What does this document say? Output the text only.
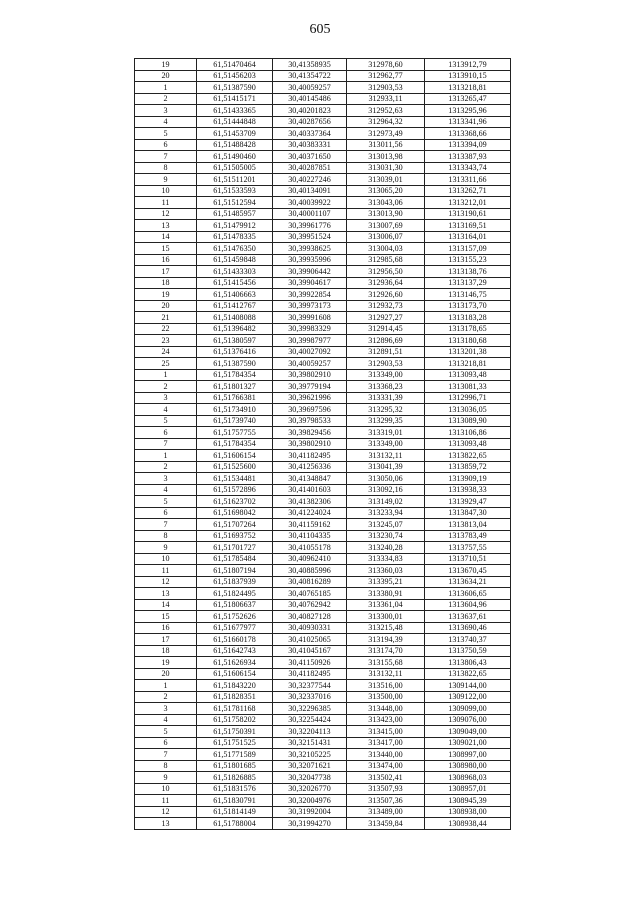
605
19	61,51470464	30,41358935	312978,60	1313912,79
20	61,51456203	30,41354722	312962,77	1313910,15
1	61,51387590	30,40059257	312903,53	1313218,81
2	61,51415171	30,40145486	312933,11	1313265,47
3	61,51433365	30,40201823	312952,63	1313295,96
4	61,51444848	30,40287656	312964,32	1313341,96
5	61,51453709	30,40337364	312973,49	1313368,66
6	61,51488428	30,40383331	313011,56	1313394,09
7	61,51490460	30,40371650	313013,98	1313387,93
8	61,51505005	30,40287851	313031,30	1313343,74
9	61,51511201	30,40227246	313039,01	1313311,66
10	61,51533593	30,40134091	313065,20	1313262,71
11	61,51512594	30,40039922	313043,06	1313212,01
12	61,51485957	30,40001107	313013,90	1313190,61
13	61,51479912	30,39961776	313007,69	1313169,51
14	61,51478335	30,39951524	313006,07	1313164,01
15	61,51476350	30,39938625	313004,03	1313157,09
16	61,51459848	30,39935996	312985,68	1313155,23
17	61,51433303	30,39906442	312956,50	1313138,76
18	61,51415456	30,39904617	312936,64	1313137,29
19	61,51406663	30,39922854	312926,60	1313146,75
20	61,51412767	30,39973173	312932,73	1313173,70
21	61,51408088	30,39991608	312927,27	1313183,28
22	61,51396482	30,39983329	312914,45	1313178,65
23	61,51380597	30,39987977	312896,69	1313180,68
24	61,51376416	30,40027092	312891,51	1313201,38
25	61,51387590	30,40059257	312903,53	1313218,81
1	61,51784354	30,39802910	313349,00	1313093,48
2	61,51801327	30,39779194	313368,23	1313081,33
3	61,51766381	30,39621996	313331,39	1312996,71
4	61,51734910	30,39697596	313295,32	1313036,05
5	61,51739740	30,39798533	313299,35	1313089,90
6	61,51757755	30,39829456	313319,01	1313106,86
7	61,51784354	30,39802910	313349,00	1313093,48
1	61,51606154	30,41182495	313132,11	1313822,65
2	61,51525600	30,41256336	313041,39	1313859,72
3	61,51534481	30,41348847	313050,06	1313909,19
4	61,51572896	30,41401603	313092,16	1313938,33
5	61,51623702	30,41382306	313149,02	1313929,47
6	61,51698042	30,41224024	313233,94	1313847,30
7	61,51707264	30,41159162	313245,07	1313813,04
8	61,51693752	30,41104335	313230,74	1313783,49
9	61,51701727	30,41055178	313240,28	1313757,55
10	61,51785484	30,40962410	313334,83	1313710,51
11	61,51807194	30,40885996	313360,03	1313670,45
12	61,51837939	30,40816289	313395,21	1313634,21
13	61,51824495	30,40765185	313380,91	1313606,65
14	61,51806637	30,40762942	313361,04	1313604,96
15	61,51752626	30,40827128	313300,01	1313637,61
16	61,51677977	30,40930331	313215,48	1313690,46
17	61,51660178	30,41025065	313194,39	1313740,37
18	61,51642743	30,41045167	313174,70	1313750,59
19	61,51626934	30,41150926	313155,68	1313806,43
20	61,51606154	30,41182495	313132,11	1313822,65
1	61,51843220	30,32377544	313516,00	1309144,00
2	61,51828351	30,32337016	313500,00	1309122,00
3	61,51781168	30,32296385	313448,00	1309099,00
4	61,51758202	30,32254424	313423,00	1309076,00
5	61,51750391	30,32204113	313415,00	1309049,00
6	61,51751525	30,32151431	313417,00	1309021,00
7	61,51771589	30,32105225	313440,00	1308997,00
8	61,51801685	30,32071621	313474,00	1308980,00
9	61,51826885	30,32047738	313502,41	1308968,03
10	61,51831576	30,32026770	313507,93	1308957,01
11	61,51830791	30,32004976	313507,36	1308945,39
12	61,51814149	30,31992004	313489,00	1308938,00
13	61,51788004	30,31994270	313459,84	1308938,44
